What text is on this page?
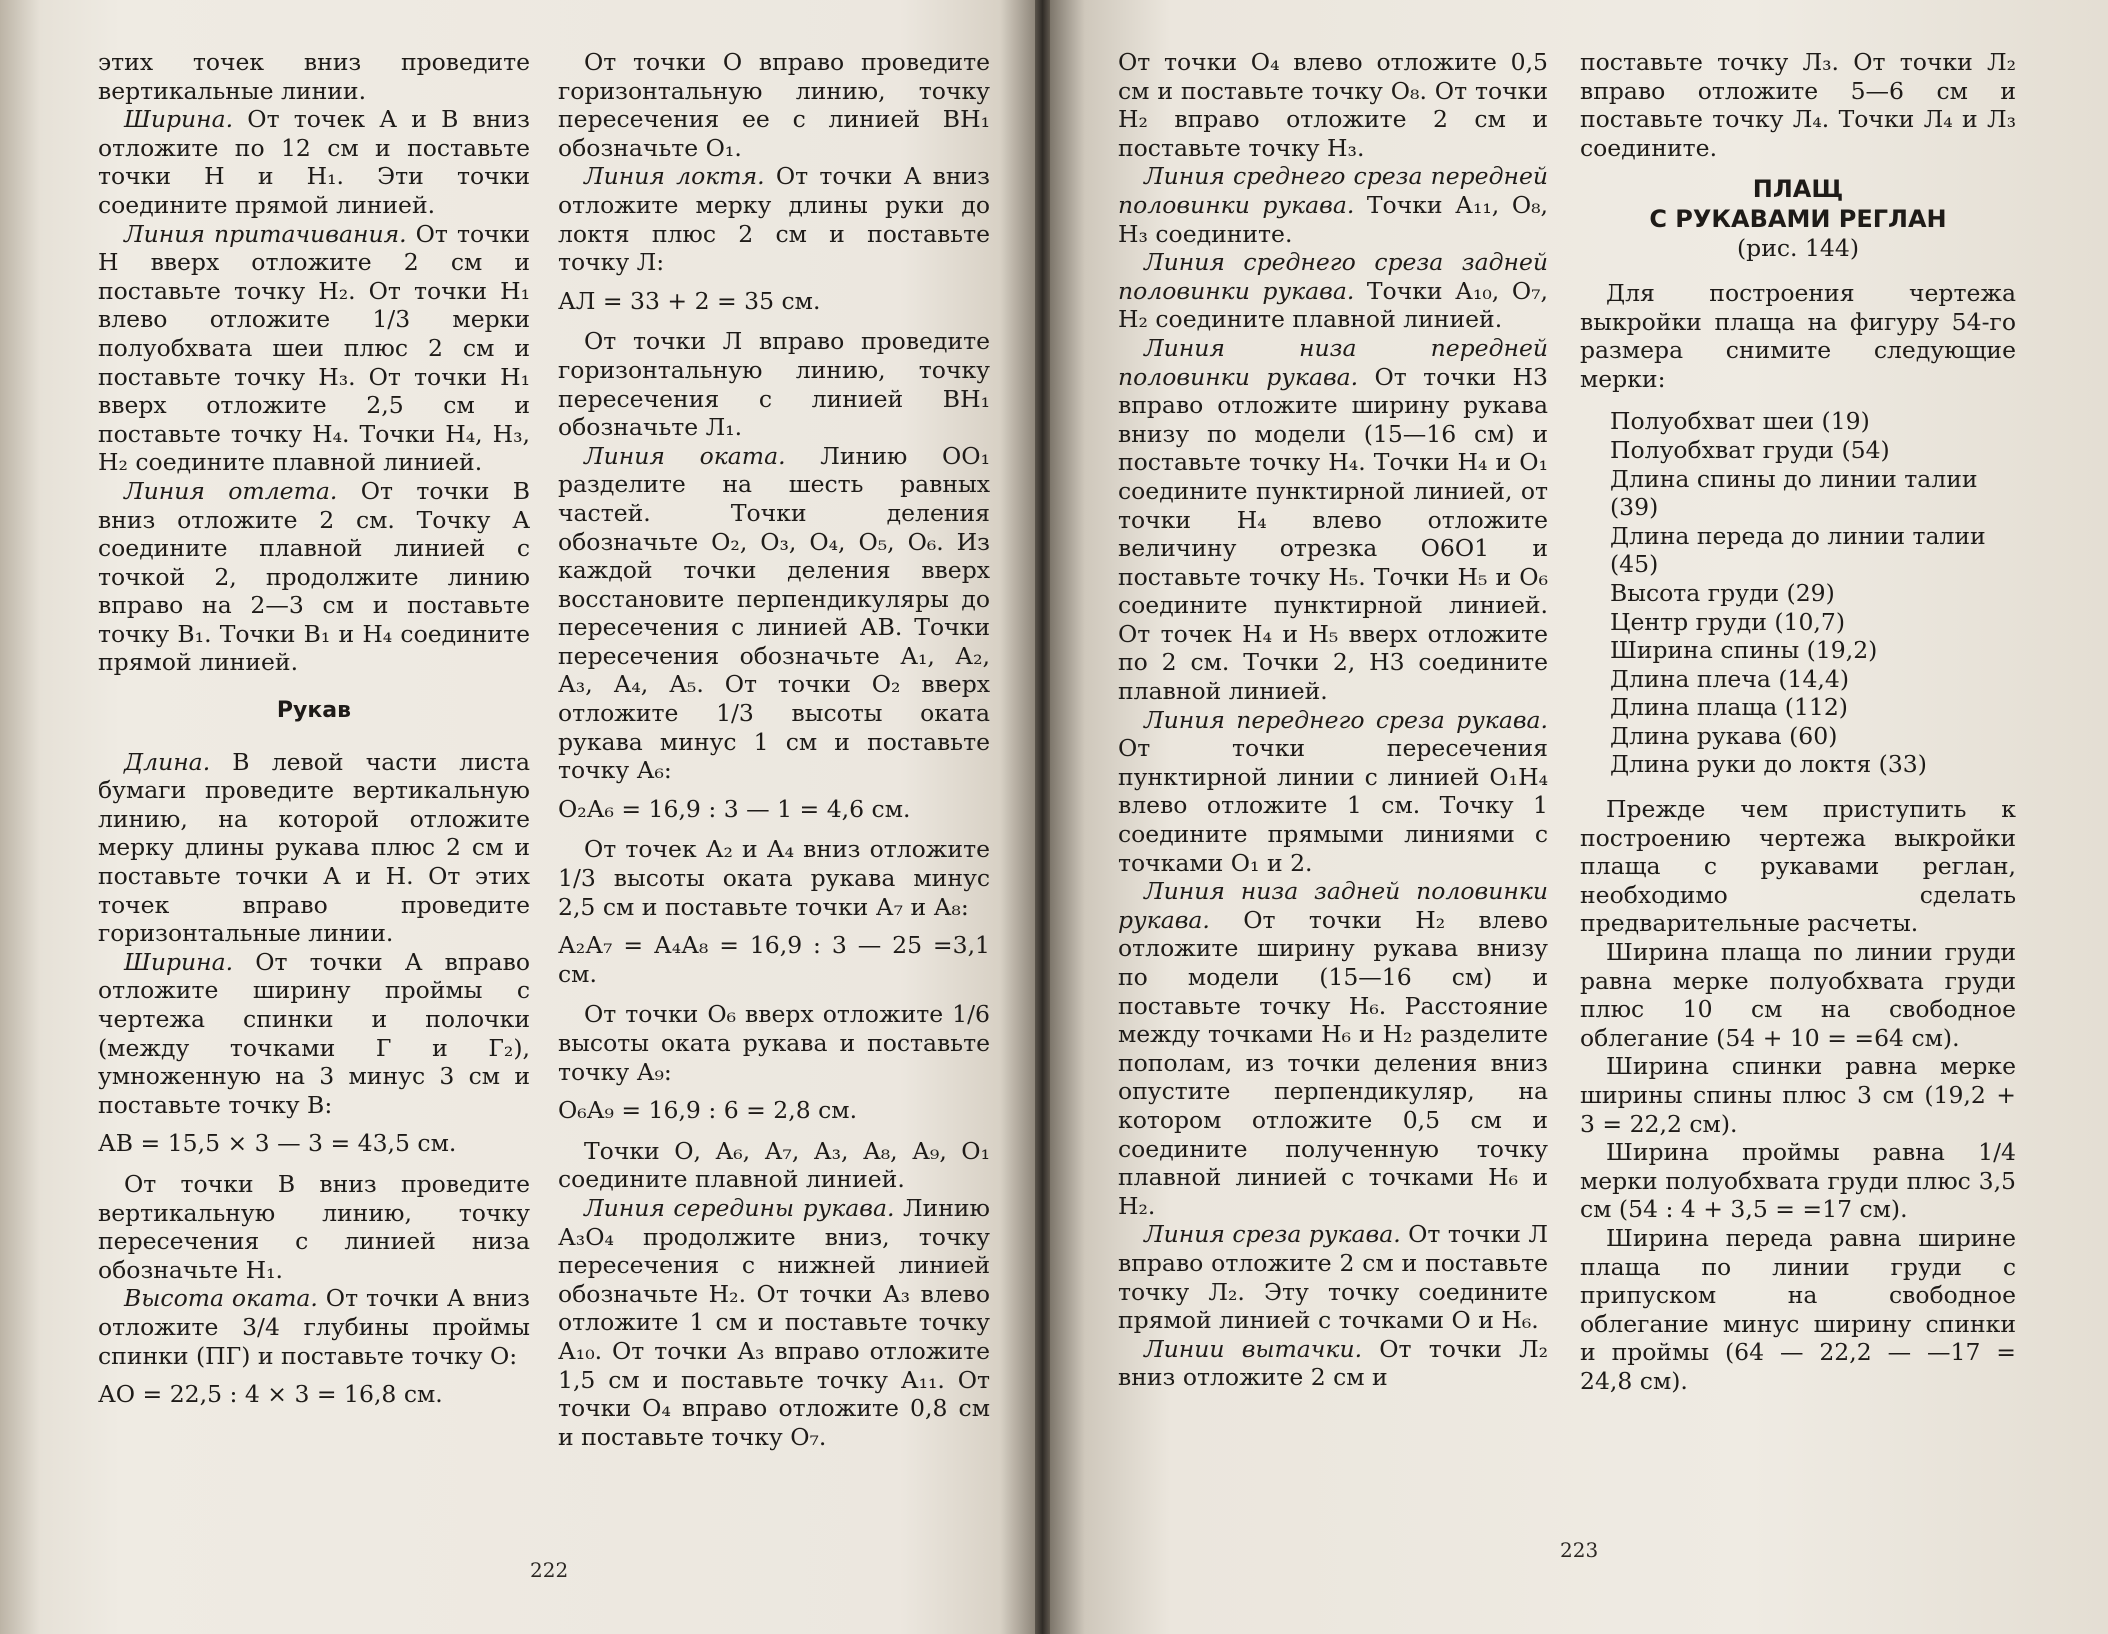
этих точек вниз проведите вертикальные линии.

Ширина. От точек А и В вниз отложите по 12 см и поставьте точки Н и Н₁. Эти точки соедините прямой линией.

Линия притачивания. От точки Н вверх отложите 2 см и поставьте точку Н₂. От точки Н₁ влево отложите 1/3 мерки полуобхвата шеи плюс 2 см и поставьте точку Н₃. От точки Н₁ вверх отложите 2,5 см и поставьте точку Н₄. Точки Н₄, Н₃, Н₂ соедините плавной линией.

Линия отлета. От точки В вниз отложите 2 см. Точку А соедините плавной линией с точкой 2, продолжите линию вправо на 2—3 см и поставьте точку В₁. Точки В₁ и Н₄ соедините прямой линией.

Рукав

Длина. В левой части листа бумаги проведите вертикальную линию, на которой отложите мерку длины рукава плюс 2 см и поставьте точки А и Н. От этих точек вправо проведите горизонтальные линии.

Ширина. От точки А вправо отложите ширину проймы с чертежа спинки и полочки (между точками Г и Г₂), умноженную на 3 минус 3 см и поставьте точку В:

АВ = 15,5 × 3 — 3 = 43,5 см.

От точки В вниз проведите вертикальную линию, точку пересечения с линией низа обозначьте Н₁.

Высота оката. От точки А вниз отложите 3/4 глубины проймы спинки (ПГ) и поставьте точку О:

АО = 22,5 : 4 × 3 = 16,8 см.

От точки О вправо проведите горизонтальную линию, точку пересечения ее с линией ВН₁ обозначьте О₁.

Линия локтя. От точки А вниз отложите мерку длины руки до локтя плюс 2 см и поставьте точку Л:

АЛ = 33 + 2 = 35 см.

От точки Л вправо проведите горизонтальную линию, точку пересечения с линией ВН₁ обозначьте Л₁.

Линия оката. Линию ОО₁ разделите на шесть равных частей. Точки деления обозначьте О₂, О₃, О₄, О₅, О₆. Из каждой точки деления вверх восстановите перпендикуляры до пересечения с линией АВ. Точки пересечения обозначьте А₁, А₂, А₃, А₄, А₅. От точки О₂ вверх отложите 1/3 высоты оката рукава минус 1 см и поставьте точку А₆:

О₂А₆ = 16,9 : 3 — 1 = 4,6 см.

От точек А₂ и А₄ вниз отложите 1/3 высоты оката рукава минус 2,5 см и поставьте точки А₇ и А₈:

А₂А₇ = А₄А₈ = 16,9 : 3 — 25 =3,1 см.

От точки О₆ вверх отложите 1/6 высоты оката рукава и поставьте точку А₉:

О₆А₉ = 16,9 : 6 = 2,8 см.

Точки О, А₆, А₇, А₃, А₈, А₉, О₁ соедините плавной линией.

Линия середины рукава. Линию А₃О₄ продолжите вниз, точку пересечения с нижней линией обозначьте Н₂. От точки А₃ влево отложите 1 см и поставьте точку А₁₀. От точки А₃ вправо отложите 1,5 см и поставьте точку А₁₁. От точки О₄ вправо отложите 0,8 см и поставьте точку О₇.

222

От точки О₄ влево отложите 0,5 см и поставьте точку О₈. От точки Н₂ вправо отложите 2 см и поставьте точку Н₃.

Линия среднего среза передней половинки рукава. Точки А₁₁, О₈, Н₃ соедините.

Линия среднего среза задней половинки рукава. Точки А₁₀, О₇, Н₂ соедините плавной линией.

Линия низа передней половинки рукава. От точки Н3 вправо отложите ширину рукава внизу по модели (15—16 см) и поставьте точку Н₄. Точки Н₄ и О₁ соедините пунктирной линией, от точки Н₄ влево отложите величину отрезка О6О1 и поставьте точку Н₅. Точки Н₅ и О₆ соедините пунктирной линией. От точек Н₄ и Н₅ вверх отложите по 2 см. Точки 2, Н3 соедините плавной линией.

Линия переднего среза рукава. От точки пересечения пунктирной линии с линией О₁Н₄ влево отложите 1 см. Точку 1 соедините прямыми линиями с точками О₁ и 2.

Линия низа задней половинки рукава. От точки Н₂ влево отложите ширину рукава внизу по модели (15—16 см) и поставьте точку Н₆. Расстояние между точками Н₆ и Н₂ разделите пополам, из точки деления вниз опустите перпендикуляр, на котором отложите 0,5 см и соедините полученную точку плавной линией с точками Н₆ и Н₂.

Линия среза рукава. От точки Л вправо отложите 2 см и поставьте точку Л₂. Эту точку соедините прямой линией с точками О и Н₆.

Линии вытачки. От точки Л₂ вниз отложите 2 см и

поставьте точку Л₃. От точки Л₂ вправо отложите 5—6 см и поставьте точку Л₄. Точки Л₄ и Л₃ соедините.

ПЛАЩ
С РУКАВАМИ РЕГЛАН
(рис. 144)

Для построения чертежа выкройки плаща на фигуру 54-го размера снимите следующие мерки:

Полуобхват шеи (19)
Полуобхват груди (54)
Длина спины до линии талии (39)
Длина переда до линии талии (45)
Высота груди (29)
Центр груди (10,7)
Ширина спины (19,2)
Длина плеча (14,4)
Длина плаща (112)
Длина рукава (60)
Длина руки до локтя (33)

Прежде чем приступить к построению чертежа выкройки плаща с рукавами реглан, необходимо сделать предварительные расчеты.

Ширина плаща по линии груди равна мерке полуобхвата груди плюс 10 см на свободное облегание (54 + 10 = =64 см).

Ширина спинки равна мерке ширины спины плюс 3 см (19,2 + 3 = 22,2 см).

Ширина проймы равна 1/4 мерки полуобхвата груди плюс 3,5 см (54 : 4 + 3,5 = =17 см).

Ширина переда равна ширине плаща по линии груди с припуском на свободное облегание минус ширину спинки и проймы (64 — 22,2 — —17 = 24,8 см).

223
